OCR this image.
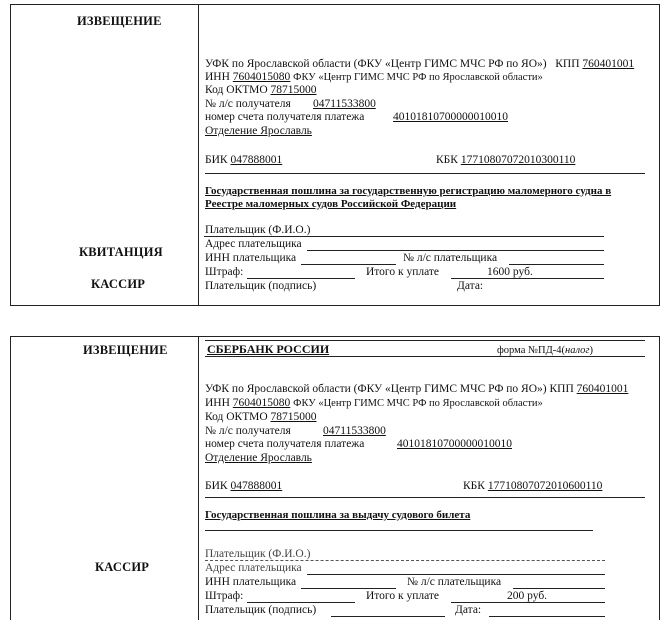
ИЗВЕЩЕНИЕ
КВИТАНЦИЯ
КАССИР
УФК по Ярославской области (ФКУ «Центр ГИМС МЧС РФ по ЯО») КПП 760401001
ИНН 7604015080 ФКУ «Центр ГИМС МЧС РФ по Ярославской области»
Код ОКТМО 78715000
№ л/с получателя 04711533800
номер счета получателя платежа 40101810700000010010
Отделение Ярославль
БИК 047888001	КБК 17710807072010300110
Государственная пошлина за государственную регистрацию маломерного судна в
Реестре маломерных судов Российской Федерации
Плательщик (Ф.И.О.)
Адрес плательщика
ИНН плательщика	№ л/с плательщика
Штраф:	Итого к уплате	1600 руб.
Плательщик (подпись)	Дата:
ИЗВЕЩЕНИЕ
КАССИР
СБЕРБАНК РОССИИ	форма №ПД-4(налог)
УФК по Ярославской области (ФКУ «Центр ГИМС МЧС РФ по ЯО») КПП 760401001
ИНН 7604015080 ФКУ «Центр ГИМС МЧС РФ по Ярославской области»
Код ОКТМО 78715000
№ л/с получателя	04711533800
номер счета получателя платежа	40101810700000010010
Отделение Ярославль
БИК 047888001	КБК 17710807072010600110
Государственная пошлина за выдачу судового билета
Плательщик (Ф.И.О.)
Адрес плательщика
ИНН плательщика	№ л/с плательщика
Штраф:	Итого к уплате	200 руб.
Плательщик (подпись)	Дата:
